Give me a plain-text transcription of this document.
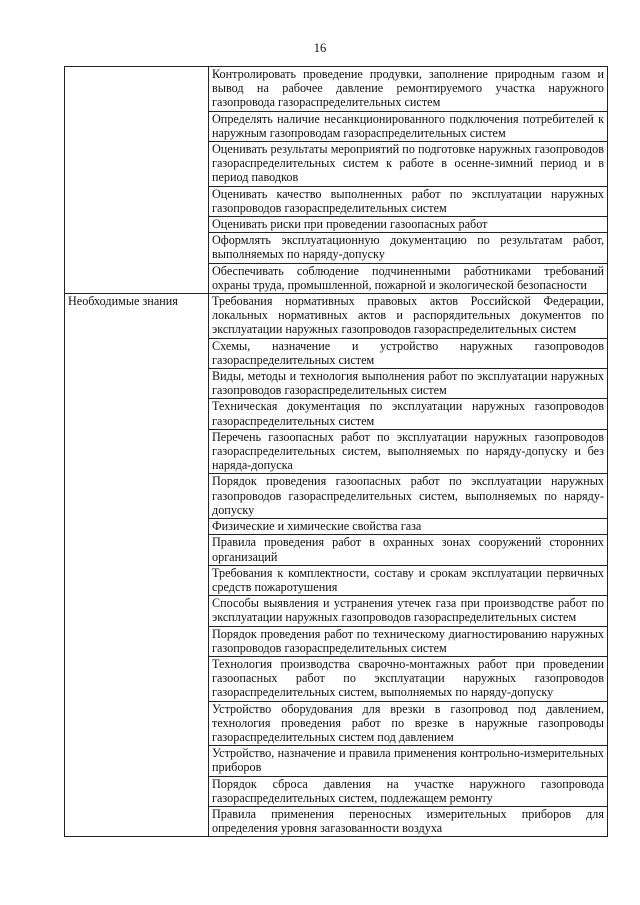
16
	Контролировать проведение продувки, заполнение природным газом и вывод на рабочее давление ремонтируемого участка наружного газопровода газораспределительных систем
	Определять наличие несанкционированного подключения потребителей к наружным газопроводам газораспределительных систем
	Оценивать результаты мероприятий по подготовке наружных газопроводов газораспределительных систем к работе в осенне-зимний период и в период паводков
	Оценивать качество выполненных работ по эксплуатации наружных газопроводов газораспределительных систем
	Оценивать риски при проведении газоопасных работ
	Оформлять эксплуатационную документацию по результатам работ, выполняемых по наряду-допуску
	Обеспечивать соблюдение подчиненными работниками требований охраны труда, промышленной, пожарной и экологической безопасности

Необходимые знания	Требования нормативных правовых актов Российской Федерации, локальных нормативных актов и распорядительных документов по эксплуатации наружных газопроводов газораспределительных систем
	Схемы, назначение и устройство наружных газопроводов газораспределительных систем
	Виды, методы и технология выполнения работ по эксплуатации наружных газопроводов газораспределительных систем
	Техническая документация по эксплуатации наружных газопроводов газораспределительных систем
	Перечень газоопасных работ по эксплуатации наружных газопроводов газораспределительных систем, выполняемых по наряду-допуску и без наряда-допуска
	Порядок проведения газоопасных работ по эксплуатации наружных газопроводов газораспределительных систем, выполняемых по наряду-допуску
	Физические и химические свойства газа
	Правила проведения работ в охранных зонах сооружений сторонних организаций
	Требования к комплектности, составу и срокам эксплуатации первичных средств пожаротушения
	Способы выявления и устранения утечек газа при производстве работ по эксплуатации наружных газопроводов газораспределительных систем
	Порядок проведения работ по техническому диагностированию наружных газопроводов газораспределительных систем
	Технология производства сварочно-монтажных работ при проведении газоопасных работ по эксплуатации наружных газопроводов газораспределительных систем, выполняемых по наряду-допуску
	Устройство оборудования для врезки в газопровод под давлением, технология проведения работ по врезке в наружные газопроводы газораспределительных систем под давлением
	Устройство, назначение и правила применения контрольно-измерительных приборов
	Порядок сброса давления на участке наружного газопровода газораспределительных систем, подлежащем ремонту
	Правила применения переносных измерительных приборов для определения уровня загазованности воздуха
